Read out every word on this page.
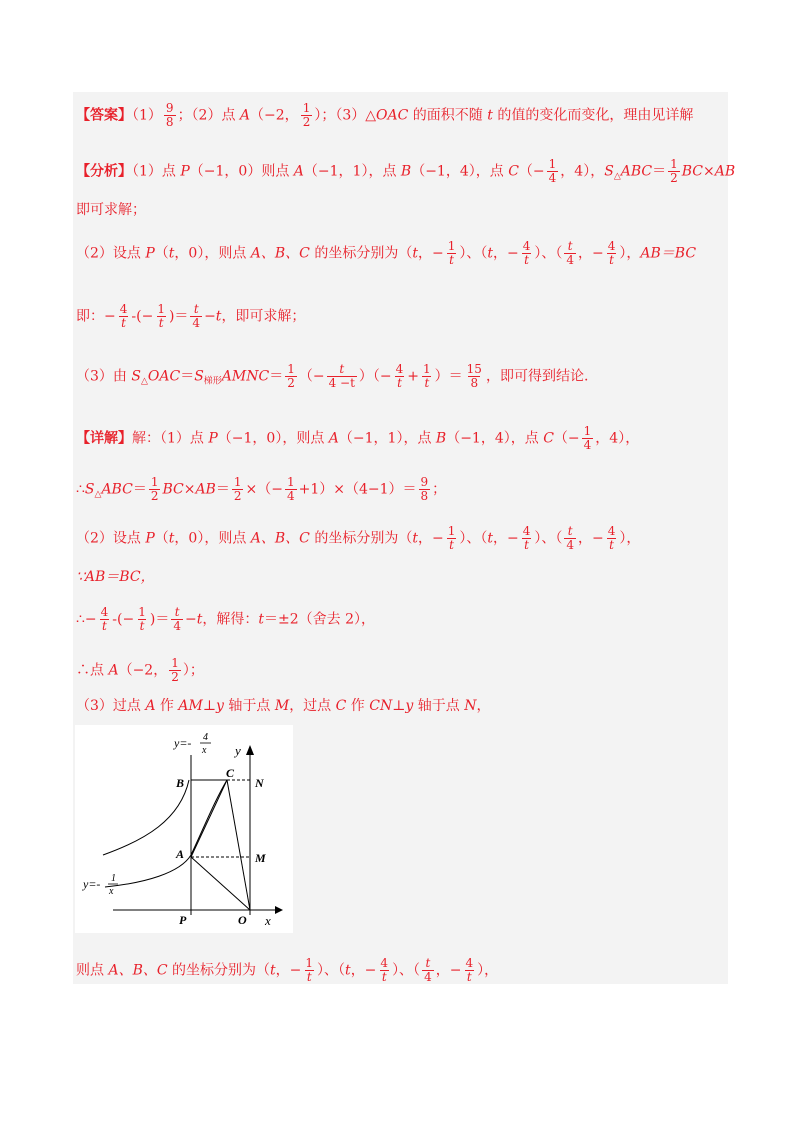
【答案】$(1) \frac{9}{8}$ ；（2）点 A（−2， $\frac{1}{2}$ ）；（3）△OAC 的面积不随 t 的值的变化而变化，理由见详解
【分析】（1）点 P（−1，0）则点 A（−1，1），点 B（−1，4），点 $C(- \frac{1}{4}$ ，4），$S_\triangle ABC= \frac{1}{2} BC\times AB$
即可求解；
（2）设点 P（t，0），则点 A、B、C 的坐标分别为（t，− $\frac{1}{t}$ ）、（t，− $\frac{4}{t}$ ）、（ $\frac{t}{4}$ ，− $\frac{4}{t}$ ），AB＝BC
即：− $\frac{4}{t}$ -(− $\frac{1}{t}$ )＝ $\frac{t}{4} -t$，即可求解；
（3）由 $S_\triangle OAC=S_{梯形}AMNC= \frac{1}{2}$ （− $\frac{t}{4 -t}$ ）（− $\frac{4}{t} + \frac{1}{t}$ ）＝ $\frac{15}{8}$ ，即可得到结论.
【详解】解：（1）点 P（−1，0），则点 A（−1，1），点 B（−1，4），点 $C(- \frac{1}{4}$ ，4），
$\therefore S_\triangle ABC= \frac{1}{2} BC\times AB= \frac{1}{2}$ ×（− $\frac{1}{4} +1)\times(4-1)= \frac{9}{8}$ ；
（2）设点 P（t，0），则点 A、B、C 的坐标分别为（t，− $\frac{1}{t}$ ）、（t，− $\frac{4}{t}$ ）、（ $\frac{t}{4}$ ，− $\frac{4}{t}$ ），
∵AB＝BC，
∴− $\frac{4}{t}$ -(− $\frac{1}{t}$ )＝ $\frac{t}{4} -t$，解得：t＝±2（舍去 2），
∴点 A（−2， $\frac{1}{2}$ ）；
（3）过点 A 作 AM⊥y 轴于点 M，过点 C 作 CN⊥y 轴于点 N，
y=- 4
x
y=- 1
x
y
x
B
C
N
A	M
P	O
则点 A、B、C 的坐标分别为（t，− $\frac{1}{t}$ ）、（t，− $\frac{4}{t}$ ）、（ $\frac{t}{4}$ ，− $\frac{4}{t}$ ），
